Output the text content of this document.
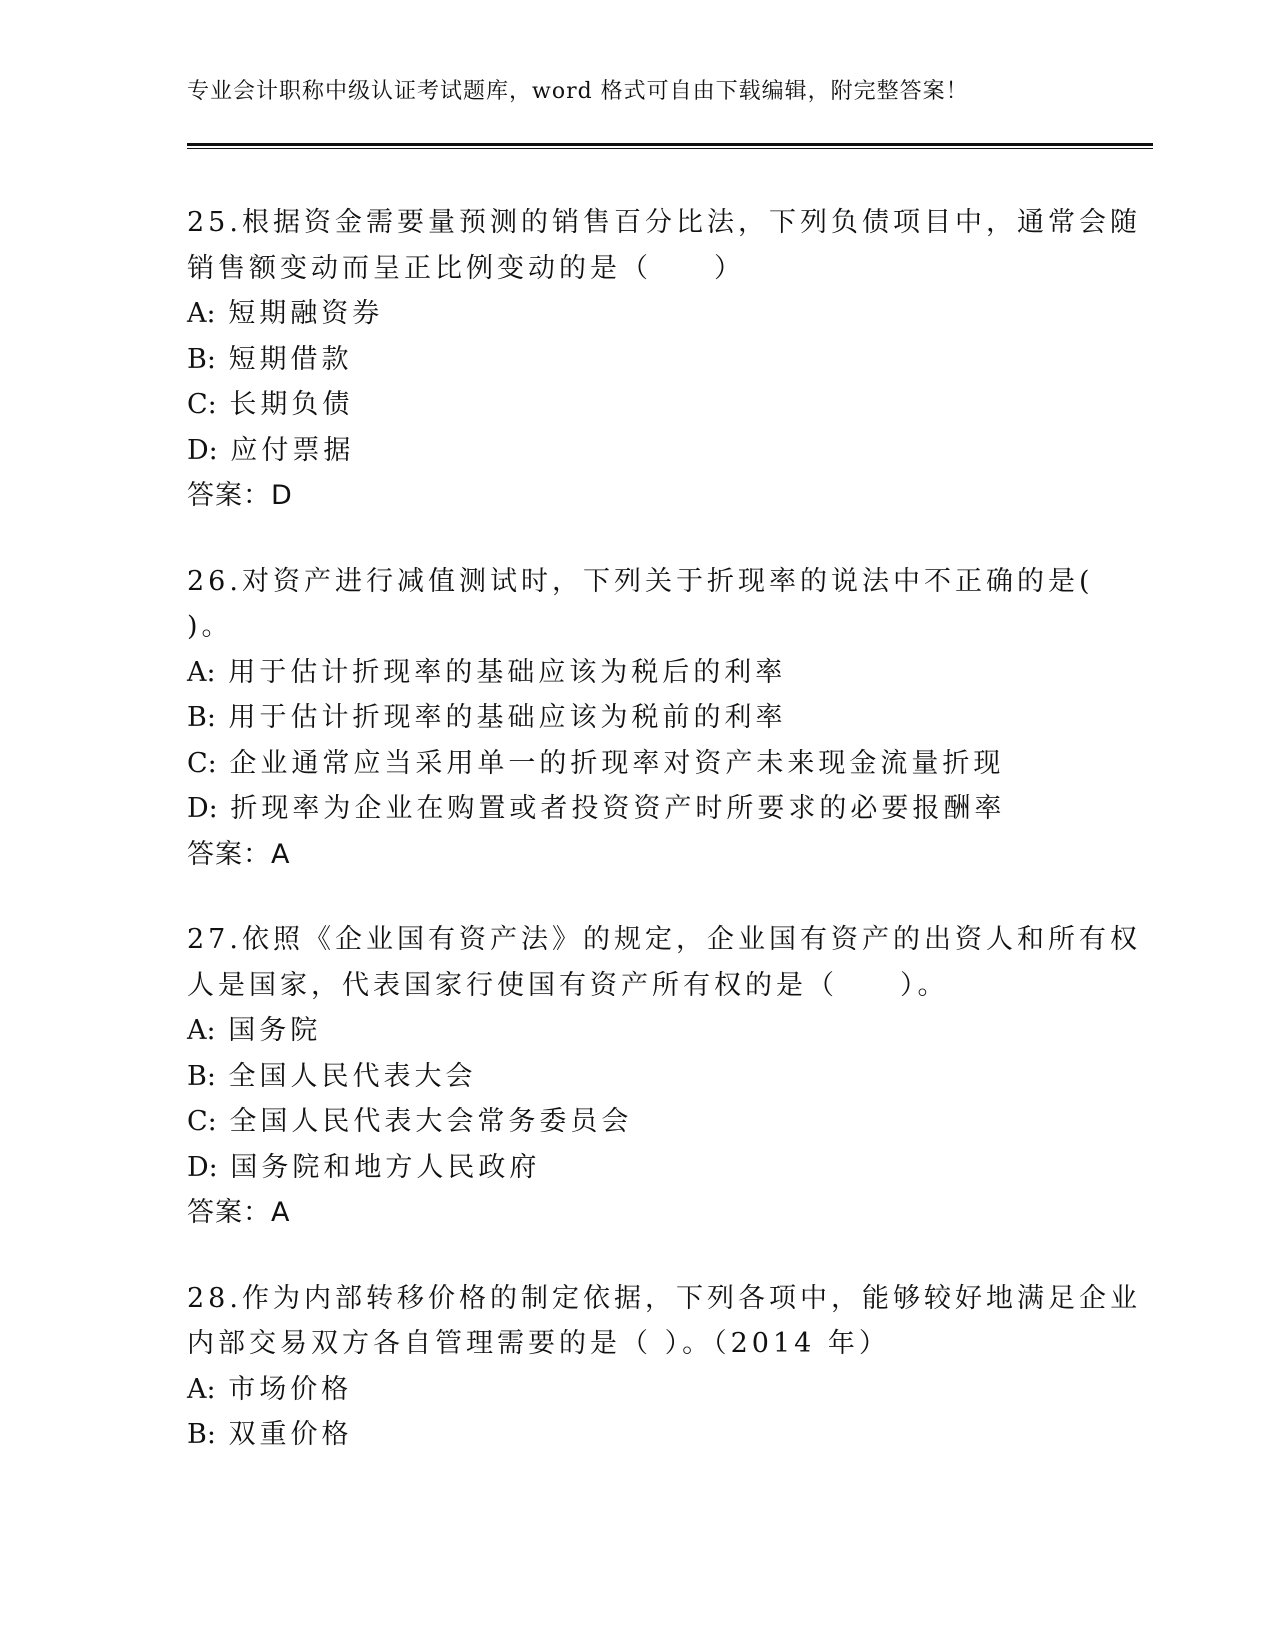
专业会计职称中级认证考试题库，word 格式可自由下载编辑，附完整答案！
25.根据资金需要量预测的销售百分比法，下列负债项目中，通常会随
销售额变动而呈正比例变动的是（　　）
A: 短期融资券
B: 短期借款
C: 长期负债
D: 应付票据
答案：D
26.对资产进行减值测试时，下列关于折现率的说法中不正确的是(
)。
A: 用于估计折现率的基础应该为税后的利率
B: 用于估计折现率的基础应该为税前的利率
C: 企业通常应当采用单一的折现率对资产未来现金流量折现
D: 折现率为企业在购置或者投资资产时所要求的必要报酬率
答案：A
27.依照《企业国有资产法》的规定，企业国有资产的出资人和所有权
人是国家，代表国家行使国有资产所有权的是（　　）。
A: 国务院
B: 全国人民代表大会
C: 全国人民代表大会常务委员会
D: 国务院和地方人民政府
答案：A
28.作为内部转移价格的制定依据，下列各项中，能够较好地满足企业
内部交易双方各自管理需要的是（ ）。（2014 年）
A: 市场价格
B: 双重价格
